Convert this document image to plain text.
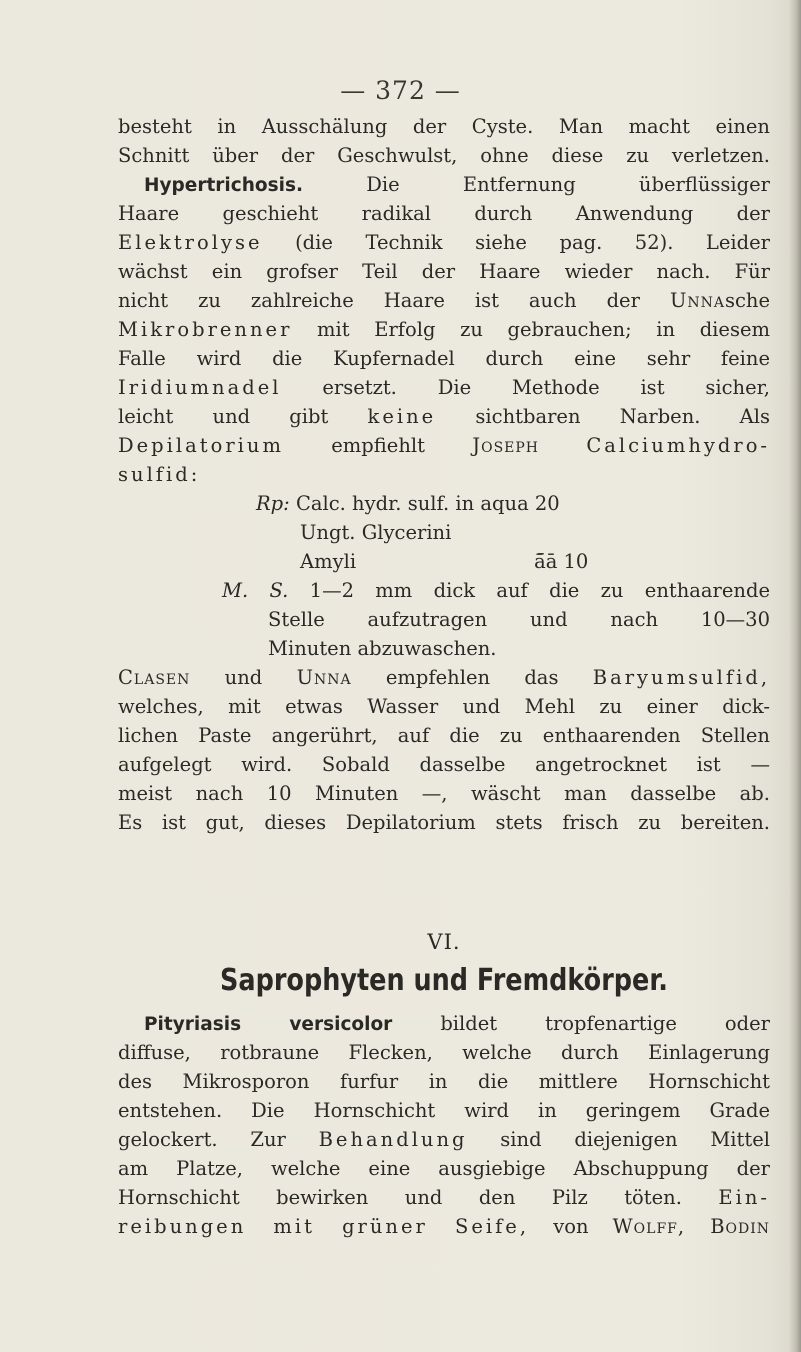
— 372 —
besteht in Ausschälung der Cyste. Man macht einen
Schnitt über der Geschwulst, ohne diese zu verletzen.
Hypertrichosis.	Die Entfernung überflüssiger
Haare geschieht radikal durch Anwendung der
Elektrolyse (die Technik siehe pag. 52). Leider
wächst ein grofser Teil der Haare wieder nach. Für
nicht zu zahlreiche Haare ist auch der Unnasche
Mikrobrenner mit Erfolg zu gebrauchen; in diesem
Falle wird die Kupfernadel durch eine sehr feine
Iridiumnadel ersetzt. Die Methode ist sicher,
leicht und gibt keine sichtbaren Narben. Als
Depilatorium empfiehlt Joseph Calciumhydro-
sulfid:
Rp: Calc. hydr. sulf. in aqua 20
Ungt. Glycerini
Amyli	ā̄ā 10
M. S. 1—2 mm dick auf die zu enthaarende
Stelle aufzutragen und nach 10—30
Minuten abzuwaschen.
Clasen und Unna empfehlen das Baryumsulfid,
welches, mit etwas Wasser und Mehl zu einer dick-
lichen Paste angerührt, auf die zu enthaarenden Stellen
aufgelegt wird. Sobald dasselbe angetrocknet ist —
meist nach 10 Minuten —, wäscht man dasselbe ab.
Es ist gut, dieses Depilatorium stets frisch zu bereiten.
VI.
Saprophyten und Fremdkörper.
Pityriasis versicolor bildet tropfenartige oder
diffuse, rotbraune Flecken, welche durch Einlagerung
des Mikrosporon furfur in die mittlere Hornschicht
entstehen. Die Hornschicht wird in geringem Grade
gelockert. Zur Behandlung sind diejenigen Mittel
am Platze, welche eine ausgiebige Abschuppung der
Hornschicht bewirken und den Pilz töten. Ein-
reibungen mit grüner Seife, von Wolff, Bodin
